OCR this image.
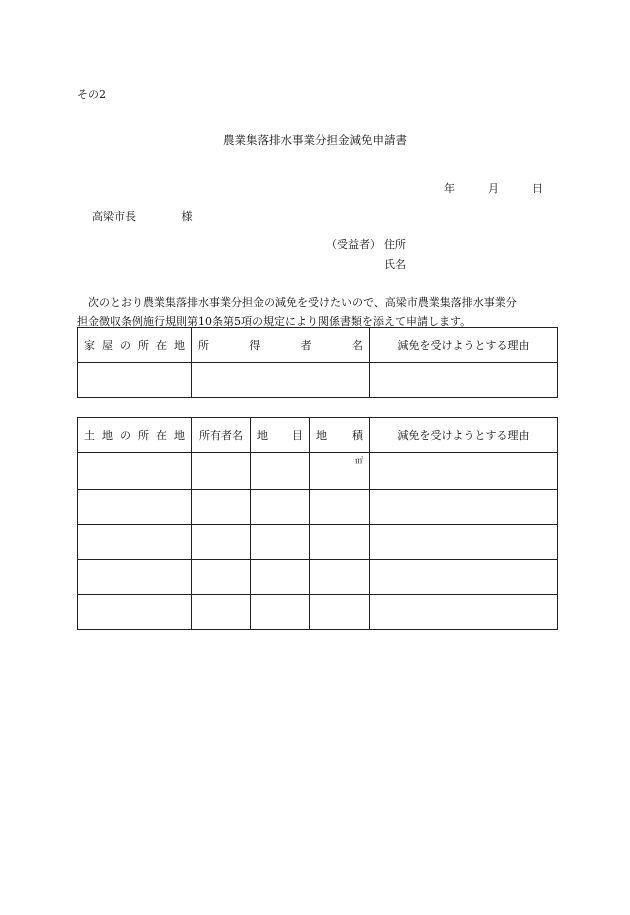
その2
農業集落排水事業分担金減免申請書
年	月	日
高梁市長	様
（受益者） 住所
氏名

次のとおり農業集落排水事業分担金の減免を受けたいので、高梁市農業集落排水事業分

担金徴収条例施行規則第10条第5項の規定により関係書類を添えて申請します。

家屋の所在地	所得者名	減免を受けようとする理由

土地の所在地	所有者名	地目	地積	減免を受けようとする理由
			㎡	
